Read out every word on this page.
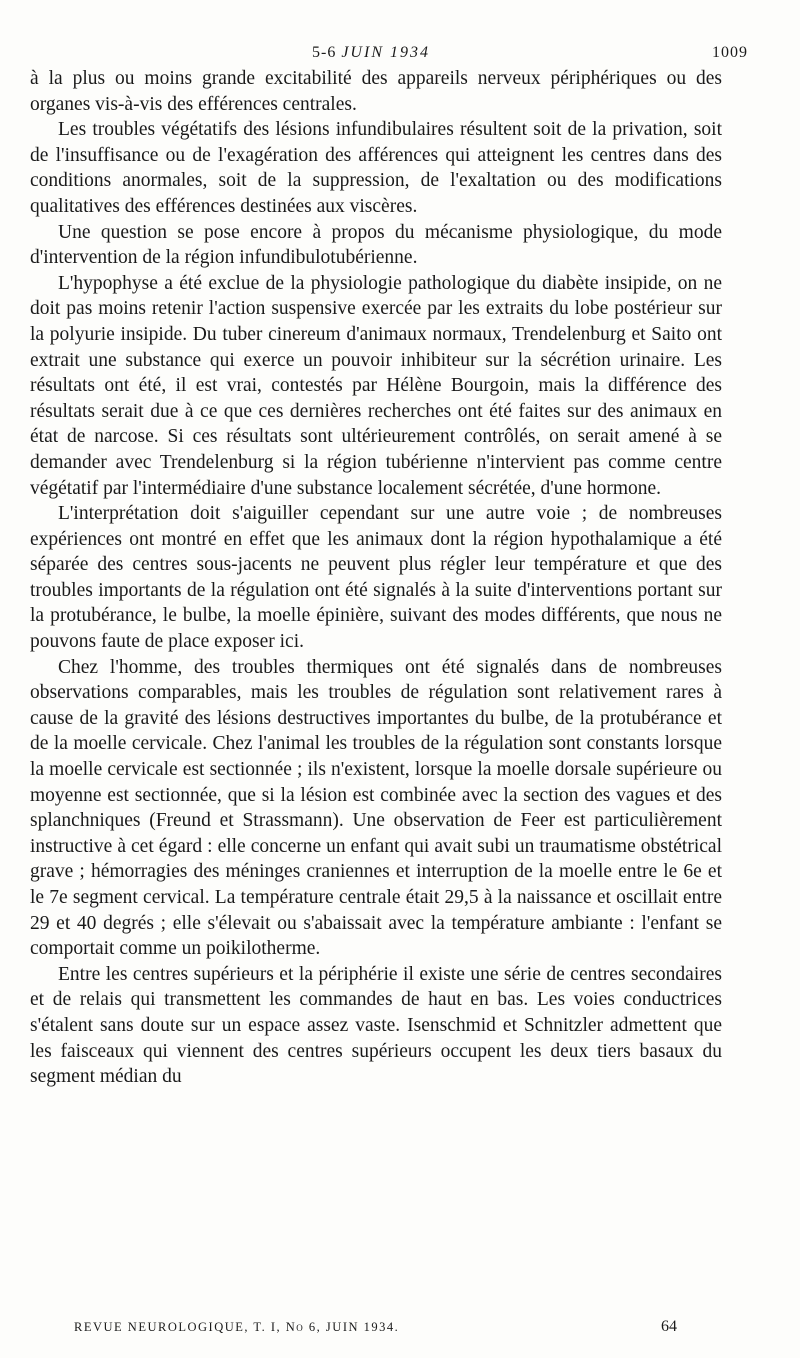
5-6 JUIN 1934	1009

à la plus ou moins grande excitabilité des appareils nerveux périphériques ou des organes vis-à-vis des efférences centrales.

Les troubles végétatifs des lésions infundibulaires résultent soit de la privation, soit de l'insuffisance ou de l'exagération des afférences qui atteignent les centres dans des conditions anormales, soit de la suppression, de l'exaltation ou des modifications qualitatives des efférences destinées aux viscères.

Une question se pose encore à propos du mécanisme physiologique, du mode d'intervention de la région infundibulotubérienne.

L'hypophyse a été exclue de la physiologie pathologique du diabète insipide, on ne doit pas moins retenir l'action suspensive exercée par les extraits du lobe postérieur sur la polyurie insipide. Du tuber cinereum d'animaux normaux, Trendelenburg et Saito ont extrait une substance qui exerce un pouvoir inhibiteur sur la sécrétion urinaire. Les résultats ont été, il est vrai, contestés par Hélène Bourgoin, mais la différence des résultats serait due à ce que ces dernières recherches ont été faites sur des animaux en état de narcose. Si ces résultats sont ultérieurement contrôlés, on serait amené à se demander avec Trendelenburg si la région tubérienne n'intervient pas comme centre végétatif par l'intermédiaire d'une substance localement sécrétée, d'une hormone.

L'interprétation doit s'aiguiller cependant sur une autre voie ; de nombreuses expériences ont montré en effet que les animaux dont la région hypothalamique a été séparée des centres sous-jacents ne peuvent plus régler leur température et que des troubles importants de la régulation ont été signalés à la suite d'interventions portant sur la protubérance, le bulbe, la moelle épinière, suivant des modes différents, que nous ne pouvons faute de place exposer ici.

Chez l'homme, des troubles thermiques ont été signalés dans de nombreuses observations comparables, mais les troubles de régulation sont relativement rares à cause de la gravité des lésions destructives importantes du bulbe, de la protubérance et de la moelle cervicale. Chez l'animal les troubles de la régulation sont constants lorsque la moelle cervicale est sectionnée ; ils n'existent, lorsque la moelle dorsale supérieure ou moyenne est sectionnée, que si la lésion est combinée avec la section des vagues et des splanchniques (Freund et Strassmann). Une observation de Feer est particulièrement instructive à cet égard : elle concerne un enfant qui avait subi un traumatisme obstétrical grave ; hémorragies des méninges craniennes et interruption de la moelle entre le 6e et le 7e segment cervical. La température centrale était 29,5 à la naissance et oscillait entre 29 et 40 degrés ; elle s'élevait ou s'abaissait avec la température ambiante : l'enfant se comportait comme un poikilotherme.

Entre les centres supérieurs et la périphérie il existe une série de centres secondaires et de relais qui transmettent les commandes de haut en bas. Les voies conductrices s'étalent sans doute sur un espace assez vaste. Isenschmid et Schnitzler admettent que les faisceaux qui viennent des centres supérieurs occupent les deux tiers basaux du segment médian du

REVUE NEUROLOGIQUE, T. I, No 6, JUIN 1934.	64
